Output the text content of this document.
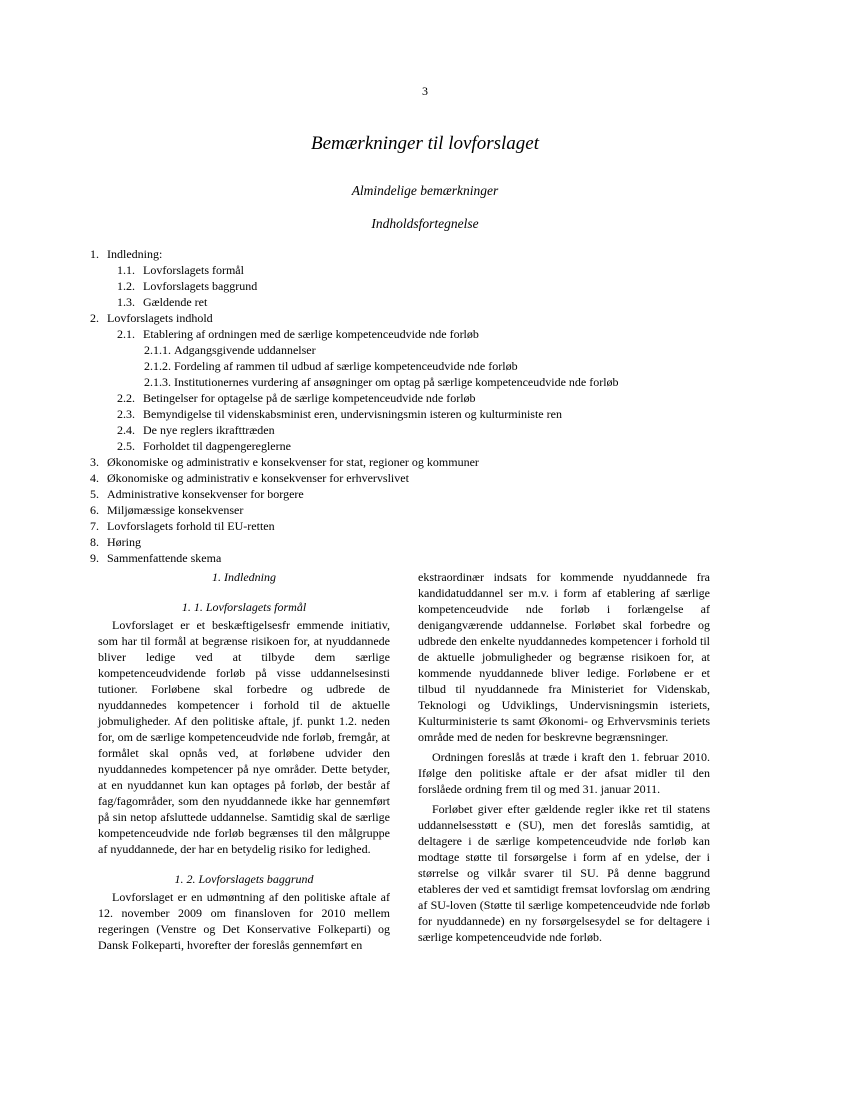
3
Bemærkninger til lovforslaget
Almindelige bemærkninger
Indholdsfortegnelse
1. Indledning:
1.1. Lovforslagets formål
1.2. Lovforslagets baggrund
1.3. Gældende ret
2. Lovforslagets indhold
2.1. Etablering af ordningen med de særlige kompetenceudvide nde forløb
2.1.1. Adgangsgivende uddannelser
2.1.2. Fordeling af rammen til udbud af særlige kompetenceudvide nde forløb
2.1.3. Institutionernes vurdering af ansøgninger om optag på særlige kompetenceudvide nde forløb
2.2. Betingelser for optagelse på de særlige kompetenceudvide nde forløb
2.3. Bemyndigelse til videnskabsminist eren, undervisningsmin isteren og kulturministe ren
2.4. De nye reglers ikrafttræden
2.5. Forholdet til dagpengereglerne
3. Økonomiske og administrativ e konsekvenser for stat, regioner og kommuner
4. Økonomiske og administrativ e konsekvenser for erhvervslivet
5. Administrative konsekvenser for borgere
6. Miljømæssige konsekvenser
7. Lovforslagets forhold til EU-retten
8. Høring
9. Sammenfattende skema

1. Indledning

1. 1. Lovforslagets formål

Lovforslaget er et beskæftigelsesfr emmende initiativ, som har til formål at begrænse risikoen for, at nyuddannede bliver ledige ved at tilbyde dem særlige kompetenceudvidende forløb på visse uddannelsesinsti tutioner. Forløbene skal forbedre og udbrede de nyuddannedes kompetencer i forhold til de aktuelle jobmuligheder. Af den politiske aftale, jf. punkt 1.2. neden for, om de særlige kompetenceudvide nde forløb, fremgår, at formålet skal opnås ved, at forløbene udvider den nyuddannedes kompetencer på nye områder. Dette betyder, at en nyuddannet kun kan optages på forløb, der består af fag/fagområder, som den nyuddannede ikke har gennemført på sin netop afsluttede uddannelse. Samtidig skal de særlige kompetenceudvide nde forløb begrænses til den målgruppe af nyuddannede, der har en betydelig risiko for ledighed.

1. 2. Lovforslagets baggrund

Lovforslaget er en udmøntning af den politiske aftale af 12. november 2009 om finansloven for 2010 mellem regeringen (Venstre og Det Konservative Folkeparti) og Dansk Folkeparti, hvorefter der foreslås gennemført en

ekstraordinær indsats for kommende nyuddannede fra kandidatuddannel ser m.v. i form af etablering af særlige kompetenceudvide nde forløb i forlængelse af denigangværende uddannelse. Forløbet skal forbedre og udbrede den enkelte nyuddannedes kompetencer i forhold til de aktuelle jobmuligheder og begrænse risikoen for, at kommende nyuddannede bliver ledige. Forløbene er et tilbud til nyuddannede fra Ministeriet for Videnskab, Teknologi og Udviklings, Undervisningsmin isteriets, Kulturministerie ts samt Økonomi- og Erhvervsminis teriets område med de neden for beskrevne begrænsninger.

Ordningen foreslås at træde i kraft den 1. februar 2010. Ifølge den politiske aftale er der afsat midler til den forslåede ordning frem til og med 31. januar 2011.

Forløbet giver efter gældende regler ikke ret til statens uddannelsesstøtt e (SU), men det foreslås samtidig, at deltagere i de særlige kompetenceudvide nde forløb kan modtage støtte til forsørgelse i form af en ydelse, der i størrelse og vilkår svarer til SU. På denne baggrund etableres der ved et samtidigt fremsat lovforslag om ændring af SU-loven (Støtte til særlige kompetenceudvide nde forløb for nyuddannede) en ny forsørgelsesydel se for deltagere i særlige kompetenceudvide nde forløb.
